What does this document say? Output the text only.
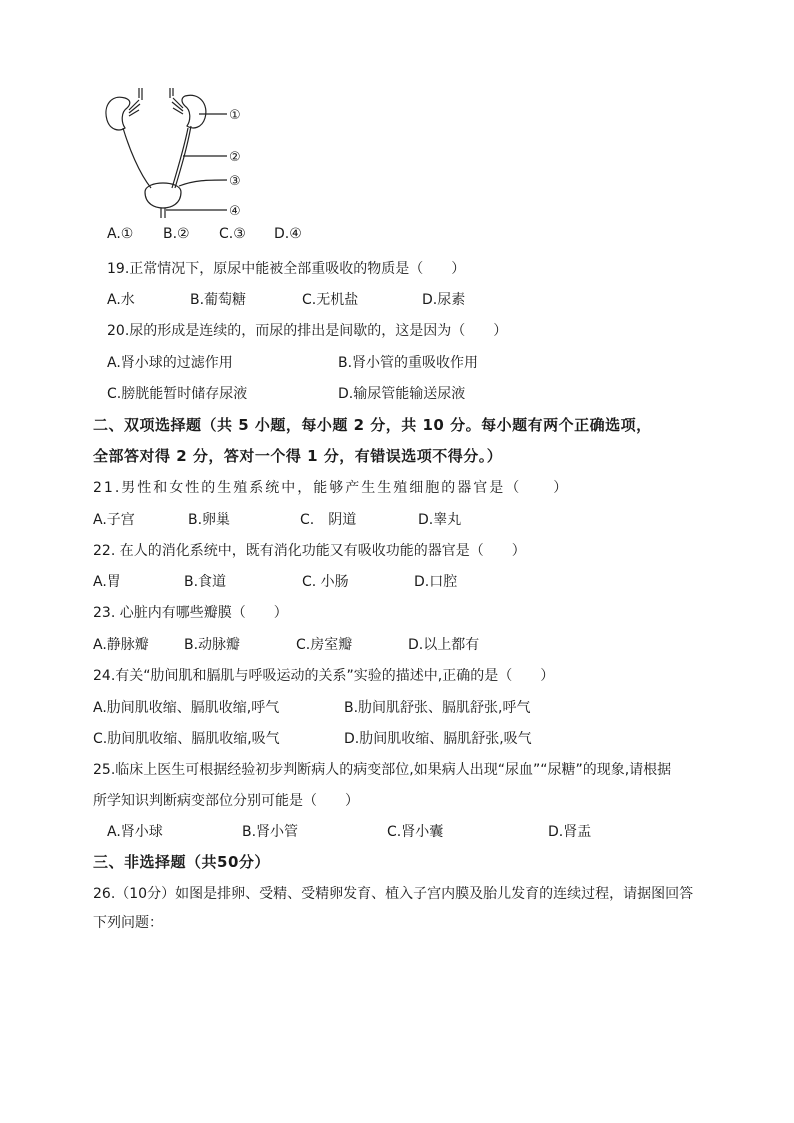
①
②
③
④
A.① B.② C.③ D.④
19.正常情况下，原尿中能被全部重吸收的物质是（　　）
A.水	B.葡萄糖	C.无机盐	D.尿素
20.尿的形成是连续的，而尿的排出是间歇的，这是因为（　　）
A.肾小球的过滤作用	B.肾小管的重吸收作用
C.膀胱能暂时储存尿液	D.输尿管能输送尿液
二、双项选择题（共 5 小题，每小题 2 分，共 10 分。每小题有两个正确选项，
全部答对得 2 分，答对一个得 1 分，有错误选项不得分。）
21.男性和女性的生殖系统中，能够产生生殖细胞的器官是（　　）
A.子宫	B.卵巢	C.　阴道	D.睾丸
22. 在人的消化系统中，既有消化功能又有吸收功能的器官是（　　）
A.胃	B.食道	C. 小肠	D.口腔
23. 心脏内有哪些瓣膜（　　）
A.静脉瓣	B.动脉瓣	C.房室瓣	D.以上都有
24.有关“肋间肌和膈肌与呼吸运动的关系”实验的描述中,正确的是（　　）
A.肋间肌收缩、膈肌收缩,呼气	B.肋间肌舒张、膈肌舒张,呼气
C.肋间肌收缩、膈肌收缩,吸气	D.肋间肌收缩、膈肌舒张,吸气
25.临床上医生可根据经验初步判断病人的病变部位,如果病人出现“尿血”“尿糖”的现象,请根据
所学知识判断病变部位分别可能是（　　）
A.肾小球	B.肾小管	C.肾小囊	D.肾盂
三、非选择题（共50分）
26.（10分）如图是排卵、受精、受精卵发育、植入子宫内膜及胎儿发育的连续过程，请据图回答
下列问题：
